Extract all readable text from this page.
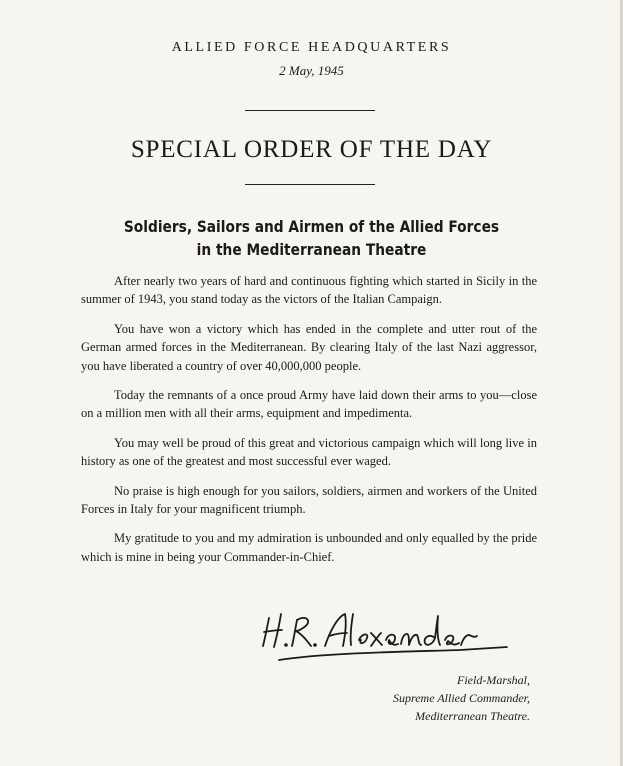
ALLIED FORCE HEADQUARTERS
2 May, 1945
SPECIAL ORDER OF THE DAY
Soldiers, Sailors and Airmen of the Allied Forces
in the Mediterranean Theatre

After nearly two years of hard and continuous fighting which started in Sicily in the summer of 1943, you stand today as the victors of the Italian Campaign.

You have won a victory which has ended in the complete and utter rout of the German armed forces in the Mediterranean. By clearing Italy of the last Nazi aggressor, you have liberated a country of over 40,000,000 people.

Today the remnants of a once proud Army have laid down their arms to you—close on a million men with all their arms, equipment and impedimenta.

You may well be proud of this great and victorious campaign which will long live in history as one of the greatest and most successful ever waged.

No praise is high enough for you sailors, soldiers, airmen and workers of the United Forces in Italy for your magnificent triumph.

My gratitude to you and my admiration is unbounded and only equalled by the pride which is mine in being your Commander-in-Chief.

Field-Marshal,
Supreme Allied Commander,
Mediterranean Theatre.
